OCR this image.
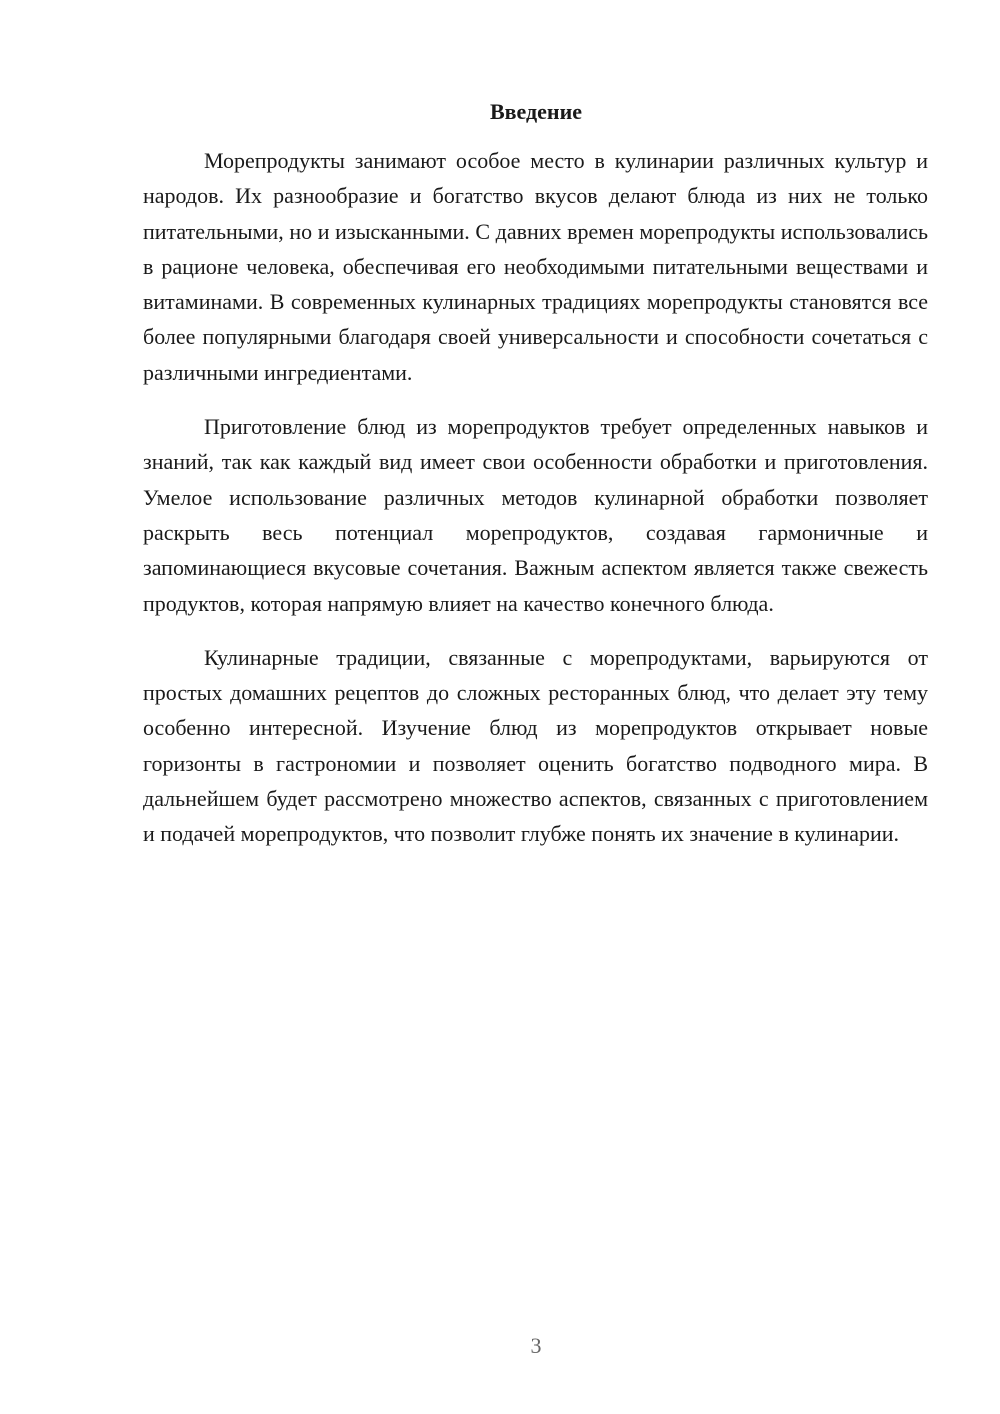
Введение

Морепродукты занимают особое место в кулинарии различных культур и народов. Их разнообразие и богатство вкусов делают блюда из них не только питательными, но и изысканными. С давних времен морепродукты использовались в рационе человека, обеспечивая его необходимыми питательными веществами и витаминами. В современных кулинарных традициях морепродукты становятся все более популярными благодаря своей универсальности и способности сочетаться с различными ингредиентами.

Приготовление блюд из морепродуктов требует определенных навыков и знаний, так как каждый вид имеет свои особенности обработки и приготовления. Умелое использование различных методов кулинарной обработки позволяет раскрыть весь потенциал морепродуктов, создавая гармоничные и запоминающиеся вкусовые сочетания. Важным аспектом является также свежесть продуктов, которая напрямую влияет на качество конечного блюда.

Кулинарные традиции, связанные с морепродуктами, варьируются от простых домашних рецептов до сложных ресторанных блюд, что делает эту тему особенно интересной. Изучение блюд из морепродуктов открывает новые горизонты в гастрономии и позволяет оценить богатство подводного мира. В дальнейшем будет рассмотрено множество аспектов, связанных с приготовлением и подачей морепродуктов, что позволит глубже понять их значение в кулинарии.

3
